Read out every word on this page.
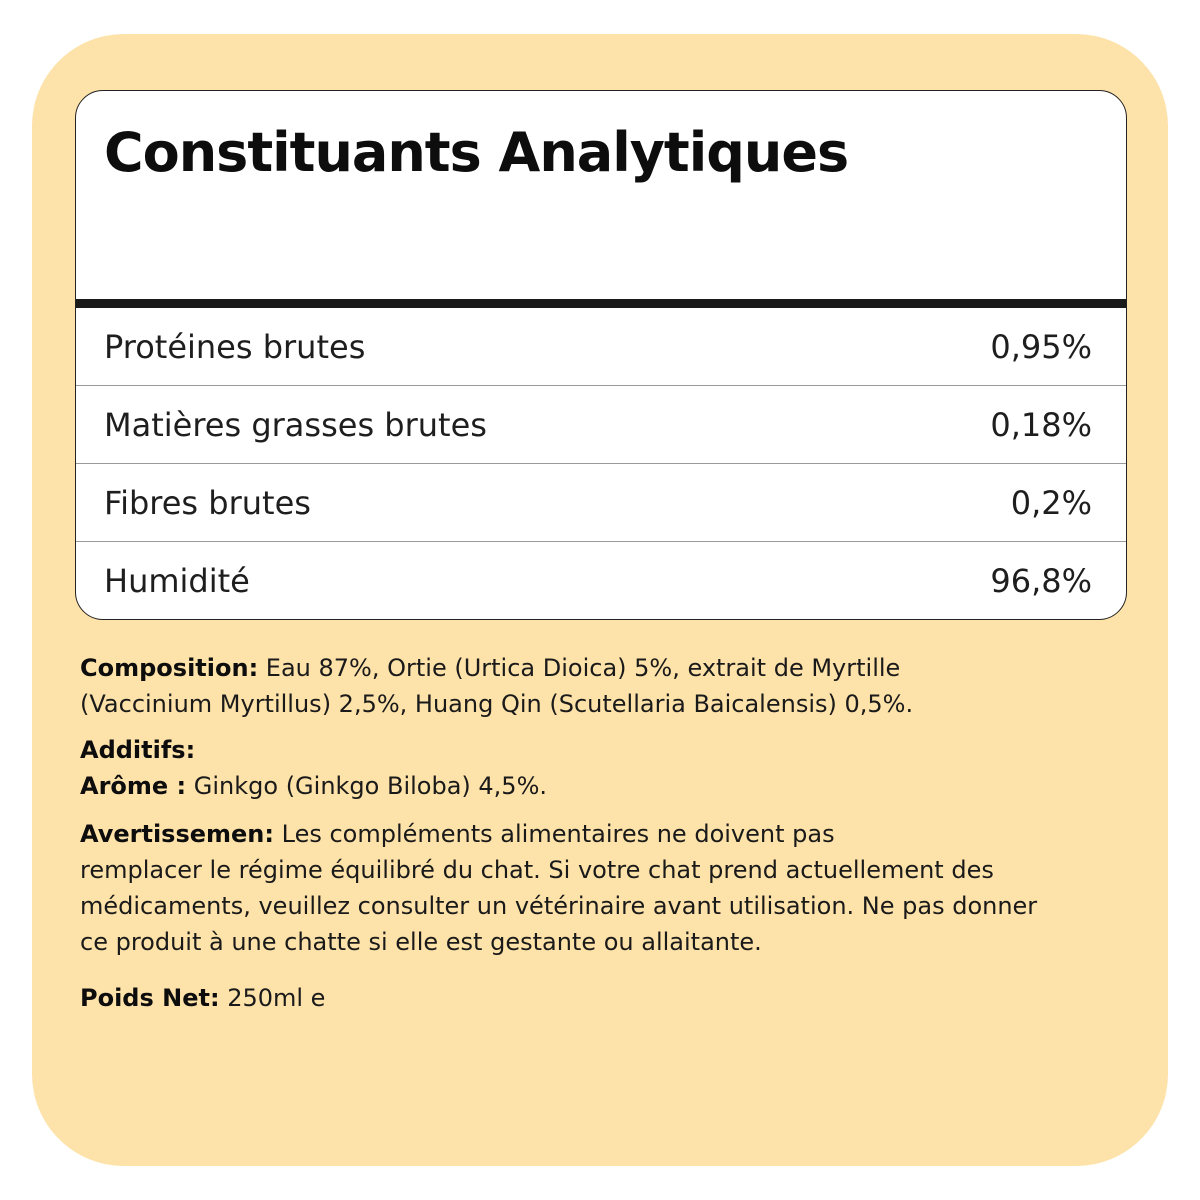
Constituants Analytiques
Protéines brutes	0,95%
Matières grasses brutes	0,18%
Fibres brutes	0,2%
Humidité	96,8%

Composition: Eau 87%, Ortie (Urtica Dioica) 5%, extrait de Myrtille
(Vaccinium Myrtillus) 2,5%, Huang Qin (Scutellaria Baicalensis) 0,5%.

Additifs:
Arôme : Ginkgo (Ginkgo Biloba) 4,5%.

Avertissemen: Les compléments alimentaires ne doivent pas
remplacer le régime équilibré du chat. Si votre chat prend actuellement des
médicaments, veuillez consulter un vétérinaire avant utilisation. Ne pas donner
ce produit à une chatte si elle est gestante ou allaitante.

Poids Net: 250ml e
